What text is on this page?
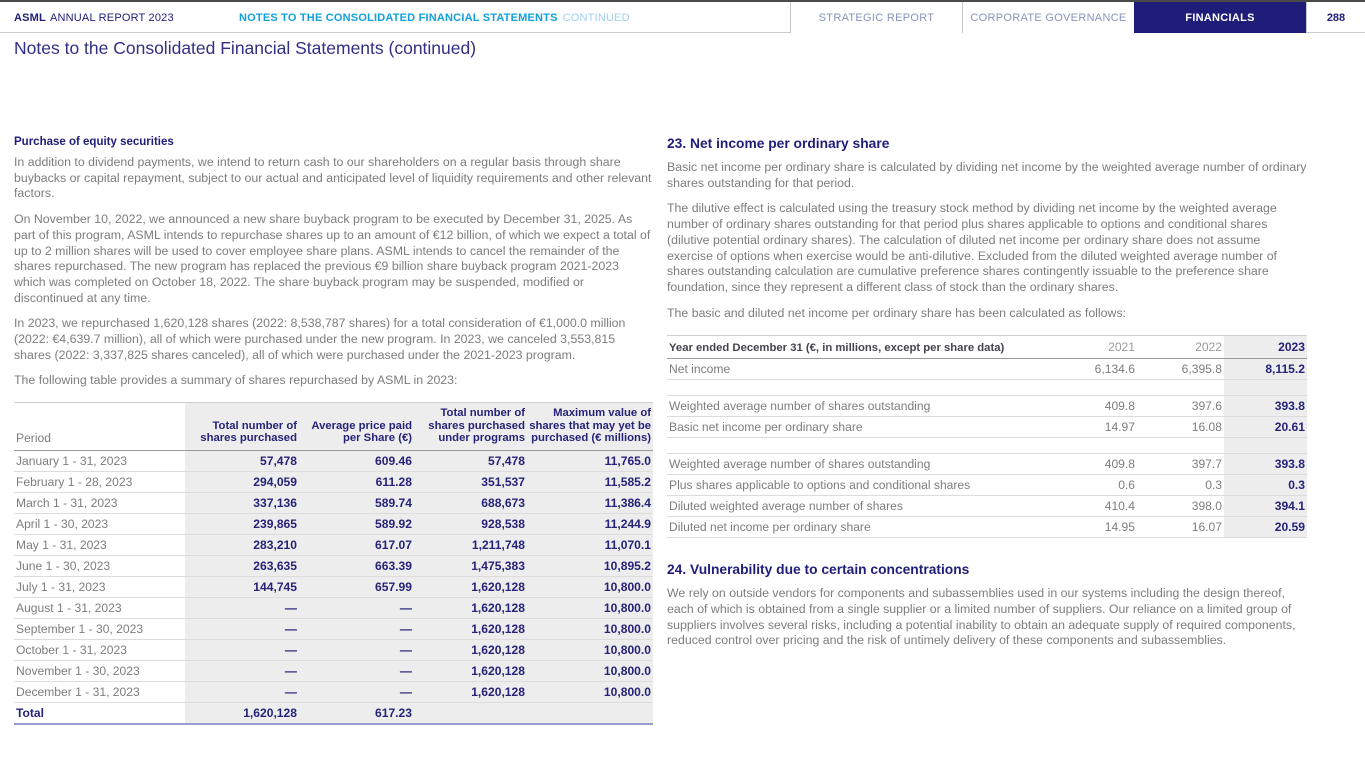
ASML ANNUAL REPORT 2023	NOTES TO THE CONSOLIDATED FINANCIAL STATEMENTS CONTINUED	STRATEGIC REPORT	CORPORATE GOVERNANCE	FINANCIALS	288
Notes to the Consolidated Financial Statements (continued)
Purchase of equity securities

In addition to dividend payments, we intend to return cash to our shareholders on a regular basis through share buybacks or capital repayment, subject to our actual and anticipated level of liquidity requirements and other relevant factors.

On November 10, 2022, we announced a new share buyback program to be executed by December 31, 2025. As part of this program, ASML intends to repurchase shares up to an amount of €12 billion, of which we expect a total of up to 2 million shares will be used to cover employee share plans. ASML intends to cancel the remainder of the shares repurchased. The new program has replaced the previous €9 billion share buyback program 2021-2023 which was completed on October 18, 2022. The share buyback program may be suspended, modified or discontinued at any time.

In 2023, we repurchased 1,620,128 shares (2022: 8,538,787 shares) for a total consideration of €1,000.0 million (2022: €4,639.7 million), all of which were purchased under the new program. In 2023, we canceled 3,553,815 shares (2022: 3,337,825 shares canceled), all of which were purchased under the 2021-2023 program.

The following table provides a summary of shares repurchased by ASML in 2023:

Period	Total number of shares purchased	Average price paid per Share (€)	Total number of shares purchased under programs	Maximum value of shares that may yet be purchased (€ millions)
January 1 - 31, 2023	57,478	609.46	57,478	11,765.0
February 1 - 28, 2023	294,059	611.28	351,537	11,585.2
March 1 - 31, 2023	337,136	589.74	688,673	11,386.4
April 1 - 30, 2023	239,865	589.92	928,538	11,244.9
May 1 - 31, 2023	283,210	617.07	1,211,748	11,070.1
June 1 - 30, 2023	263,635	663.39	1,475,383	10,895.2
July 1 - 31, 2023	144,745	657.99	1,620,128	10,800.0
August 1 - 31, 2023	—	—	1,620,128	10,800.0
September 1 - 30, 2023	—	—	1,620,128	10,800.0
October 1 - 31, 2023	—	—	1,620,128	10,800.0
November 1 - 30, 2023	—	—	1,620,128	10,800.0
December 1 - 31, 2023	—	—	1,620,128	10,800.0
Total	1,620,128	617.23		
23. Net income per ordinary share

Basic net income per ordinary share is calculated by dividing net income by the weighted average number of ordinary shares outstanding for that period.

The dilutive effect is calculated using the treasury stock method by dividing net income by the weighted average number of ordinary shares outstanding for that period plus shares applicable to options and conditional shares (dilutive potential ordinary shares). The calculation of diluted net income per ordinary share does not assume exercise of options when exercise would be anti-dilutive. Excluded from the diluted weighted average number of shares outstanding calculation are cumulative preference shares contingently issuable to the preference share foundation, since they represent a different class of stock than the ordinary shares.

The basic and diluted net income per ordinary share has been calculated as follows:

Year ended December 31 (€, in millions, except per share data)	2021	2022	2023
Net income	6,134.6	6,395.8	8,115.2

Weighted average number of shares outstanding	409.8	397.6	393.8
Basic net income per ordinary share	14.97	16.08	20.61

Weighted average number of shares outstanding	409.8	397.7	393.8
Plus shares applicable to options and conditional shares	0.6	0.3	0.3
Diluted weighted average number of shares	410.4	398.0	394.1
Diluted net income per ordinary share	14.95	16.07	20.59
24. Vulnerability due to certain concentrations

We rely on outside vendors for components and subassemblies used in our systems including the design thereof, each of which is obtained from a single supplier or a limited number of suppliers. Our reliance on a limited group of suppliers involves several risks, including a potential inability to obtain an adequate supply of required components, reduced control over pricing and the risk of untimely delivery of these components and subassemblies.
